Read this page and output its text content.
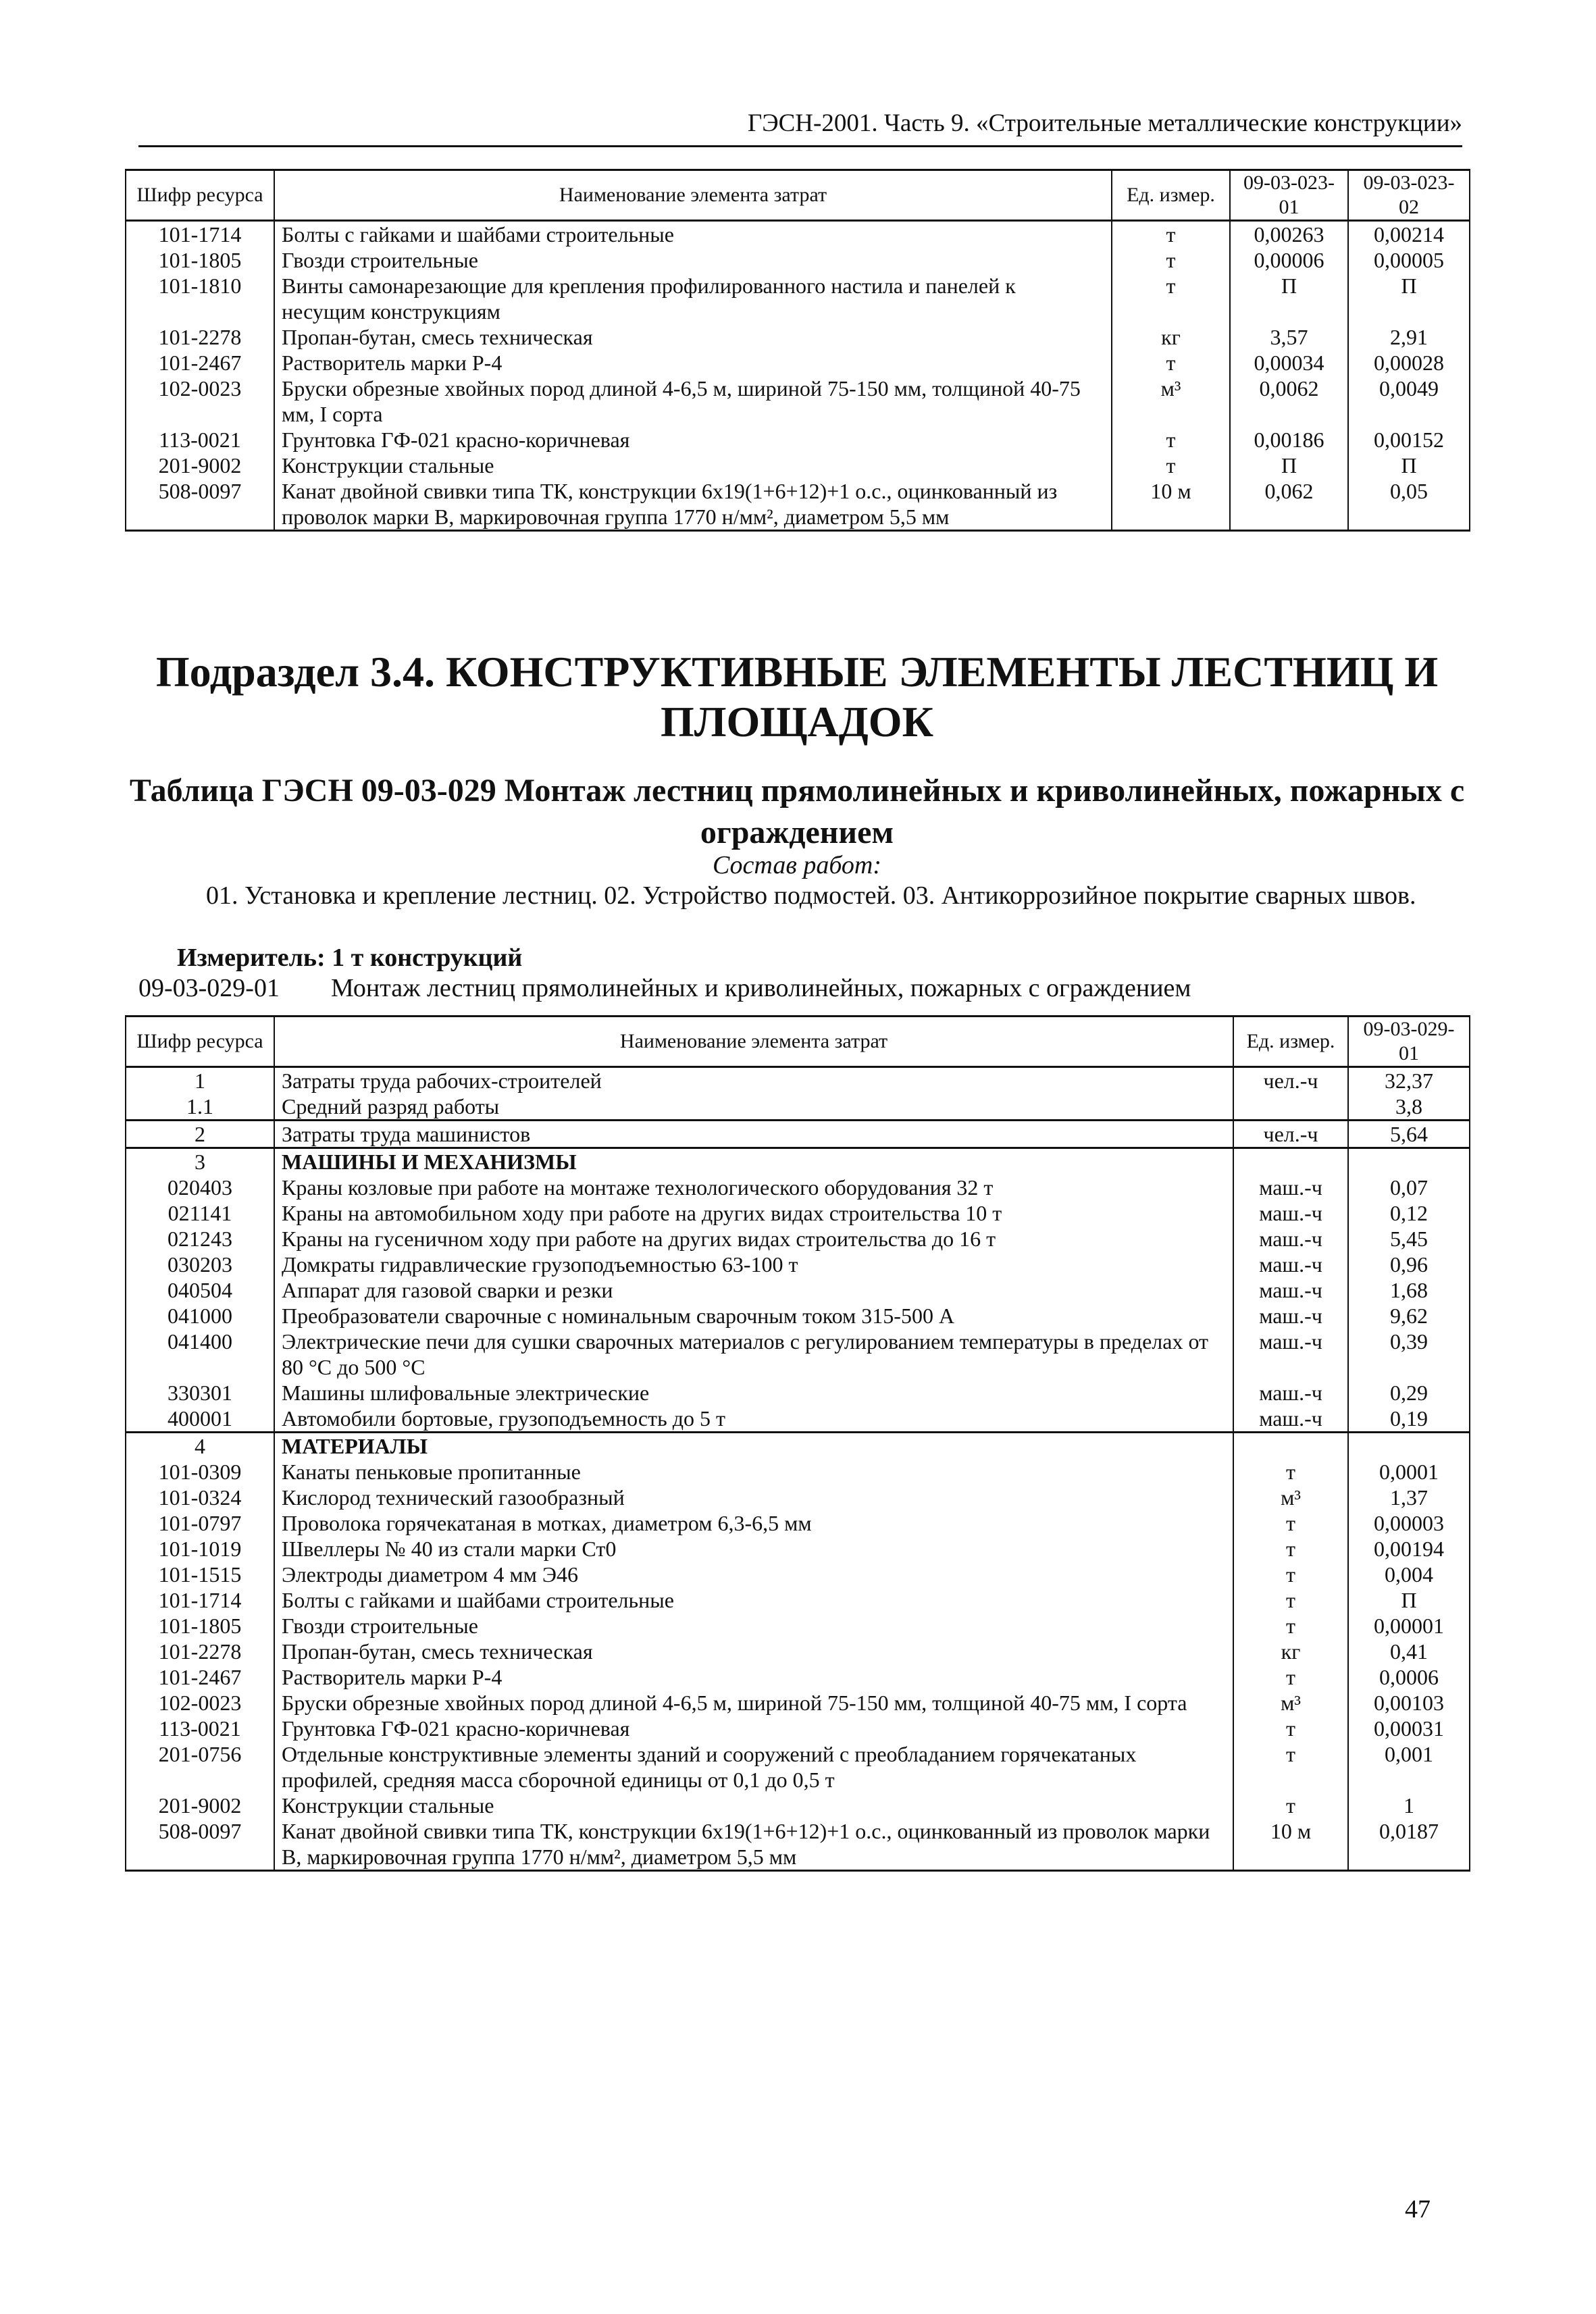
ГЭСН-2001. Часть 9. «Строительные металлические конструкции»
Шифр ресурса	Наименование элемента затрат	Ед. измер.	09-03-023-01	09-03-023-02
101-1714	Болты с гайками и шайбами строительные	т	0,00263	0,00214
101-1805	Гвозди строительные	т	0,00006	0,00005
101-1810	Винты самонарезающие для крепления профилированного настила и панелей к несущим конструкциям	т	П	П
101-2278	Пропан-бутан, смесь техническая	кг	3,57	2,91
101-2467	Растворитель марки Р-4	т	0,00034	0,00028
102-0023	Бруски обрезные хвойных пород длиной 4-6,5 м, шириной 75-150 мм, толщиной 40-75 мм, I сорта	м³	0,0062	0,0049
113-0021	Грунтовка ГФ-021 красно-коричневая	т	0,00186	0,00152
201-9002	Конструкции стальные	т	П	П
508-0097	Канат двойной свивки типа ТК, конструкции 6х19(1+6+12)+1 о.с., оцинкованный из проволок марки В, маркировочная группа 1770 н/мм², диаметром 5,5 мм	10 м	0,062	0,05
Подраздел 3.4. КОНСТРУКТИВНЫЕ ЭЛЕМЕНТЫ ЛЕСТНИЦ И ПЛОЩАДОК
Таблица ГЭСН 09-03-029 Монтаж лестниц прямолинейных и криволинейных, пожарных с ограждением
Состав работ:
01. Установка и крепление лестниц. 02. Устройство подмостей. 03. Антикоррозийное покрытие сварных швов.
Измеритель: 1 т конструкций
09-03-029-01 Монтаж лестниц прямолинейных и криволинейных, пожарных с ограждением
Шифр ресурса	Наименование элемента затрат	Ед. измер.	09-03-029-01
1	Затраты труда рабочих-строителей	чел.-ч	32,37
1.1	Средний разряд работы		3,8
2	Затраты труда машинистов	чел.-ч	5,64
3	МАШИНЫ И МЕХАНИЗМЫ		
020403	Краны козловые при работе на монтаже технологического оборудования 32 т	маш.-ч	0,07
021141	Краны на автомобильном ходу при работе на других видах строительства 10 т	маш.-ч	0,12
021243	Краны на гусеничном ходу при работе на других видах строительства до 16 т	маш.-ч	5,45
030203	Домкраты гидравлические грузоподъемностью 63-100 т	маш.-ч	0,96
040504	Аппарат для газовой сварки и резки	маш.-ч	1,68
041000	Преобразователи сварочные с номинальным сварочным током 315-500 А	маш.-ч	9,62
041400	Электрические печи для сушки сварочных материалов с регулированием температуры в пределах от 80 °С до 500 °С	маш.-ч	0,39
330301	Машины шлифовальные электрические	маш.-ч	0,29
400001	Автомобили бортовые, грузоподъемность до 5 т	маш.-ч	0,19
4	МАТЕРИАЛЫ		
101-0309	Канаты пеньковые пропитанные	т	0,0001
101-0324	Кислород технический газообразный	м³	1,37
101-0797	Проволока горячекатаная в мотках, диаметром 6,3-6,5 мм	т	0,00003
101-1019	Швеллеры № 40 из стали марки Ст0	т	0,00194
101-1515	Электроды диаметром 4 мм Э46	т	0,004
101-1714	Болты с гайками и шайбами строительные	т	П
101-1805	Гвозди строительные	т	0,00001
101-2278	Пропан-бутан, смесь техническая	кг	0,41
101-2467	Растворитель марки Р-4	т	0,0006
102-0023	Бруски обрезные хвойных пород длиной 4-6,5 м, шириной 75-150 мм, толщиной 40-75 мм, I сорта	м³	0,00103
113-0021	Грунтовка ГФ-021 красно-коричневая	т	0,00031
201-0756	Отдельные конструктивные элементы зданий и сооружений с преобладанием горячекатаных профилей, средняя масса сборочной единицы от 0,1 до 0,5 т	т	0,001
201-9002	Конструкции стальные	т	1
508-0097	Канат двойной свивки типа ТК, конструкции 6х19(1+6+12)+1 о.с., оцинкованный из проволок марки В, маркировочная группа 1770 н/мм², диаметром 5,5 мм	10 м	0,0187
47
